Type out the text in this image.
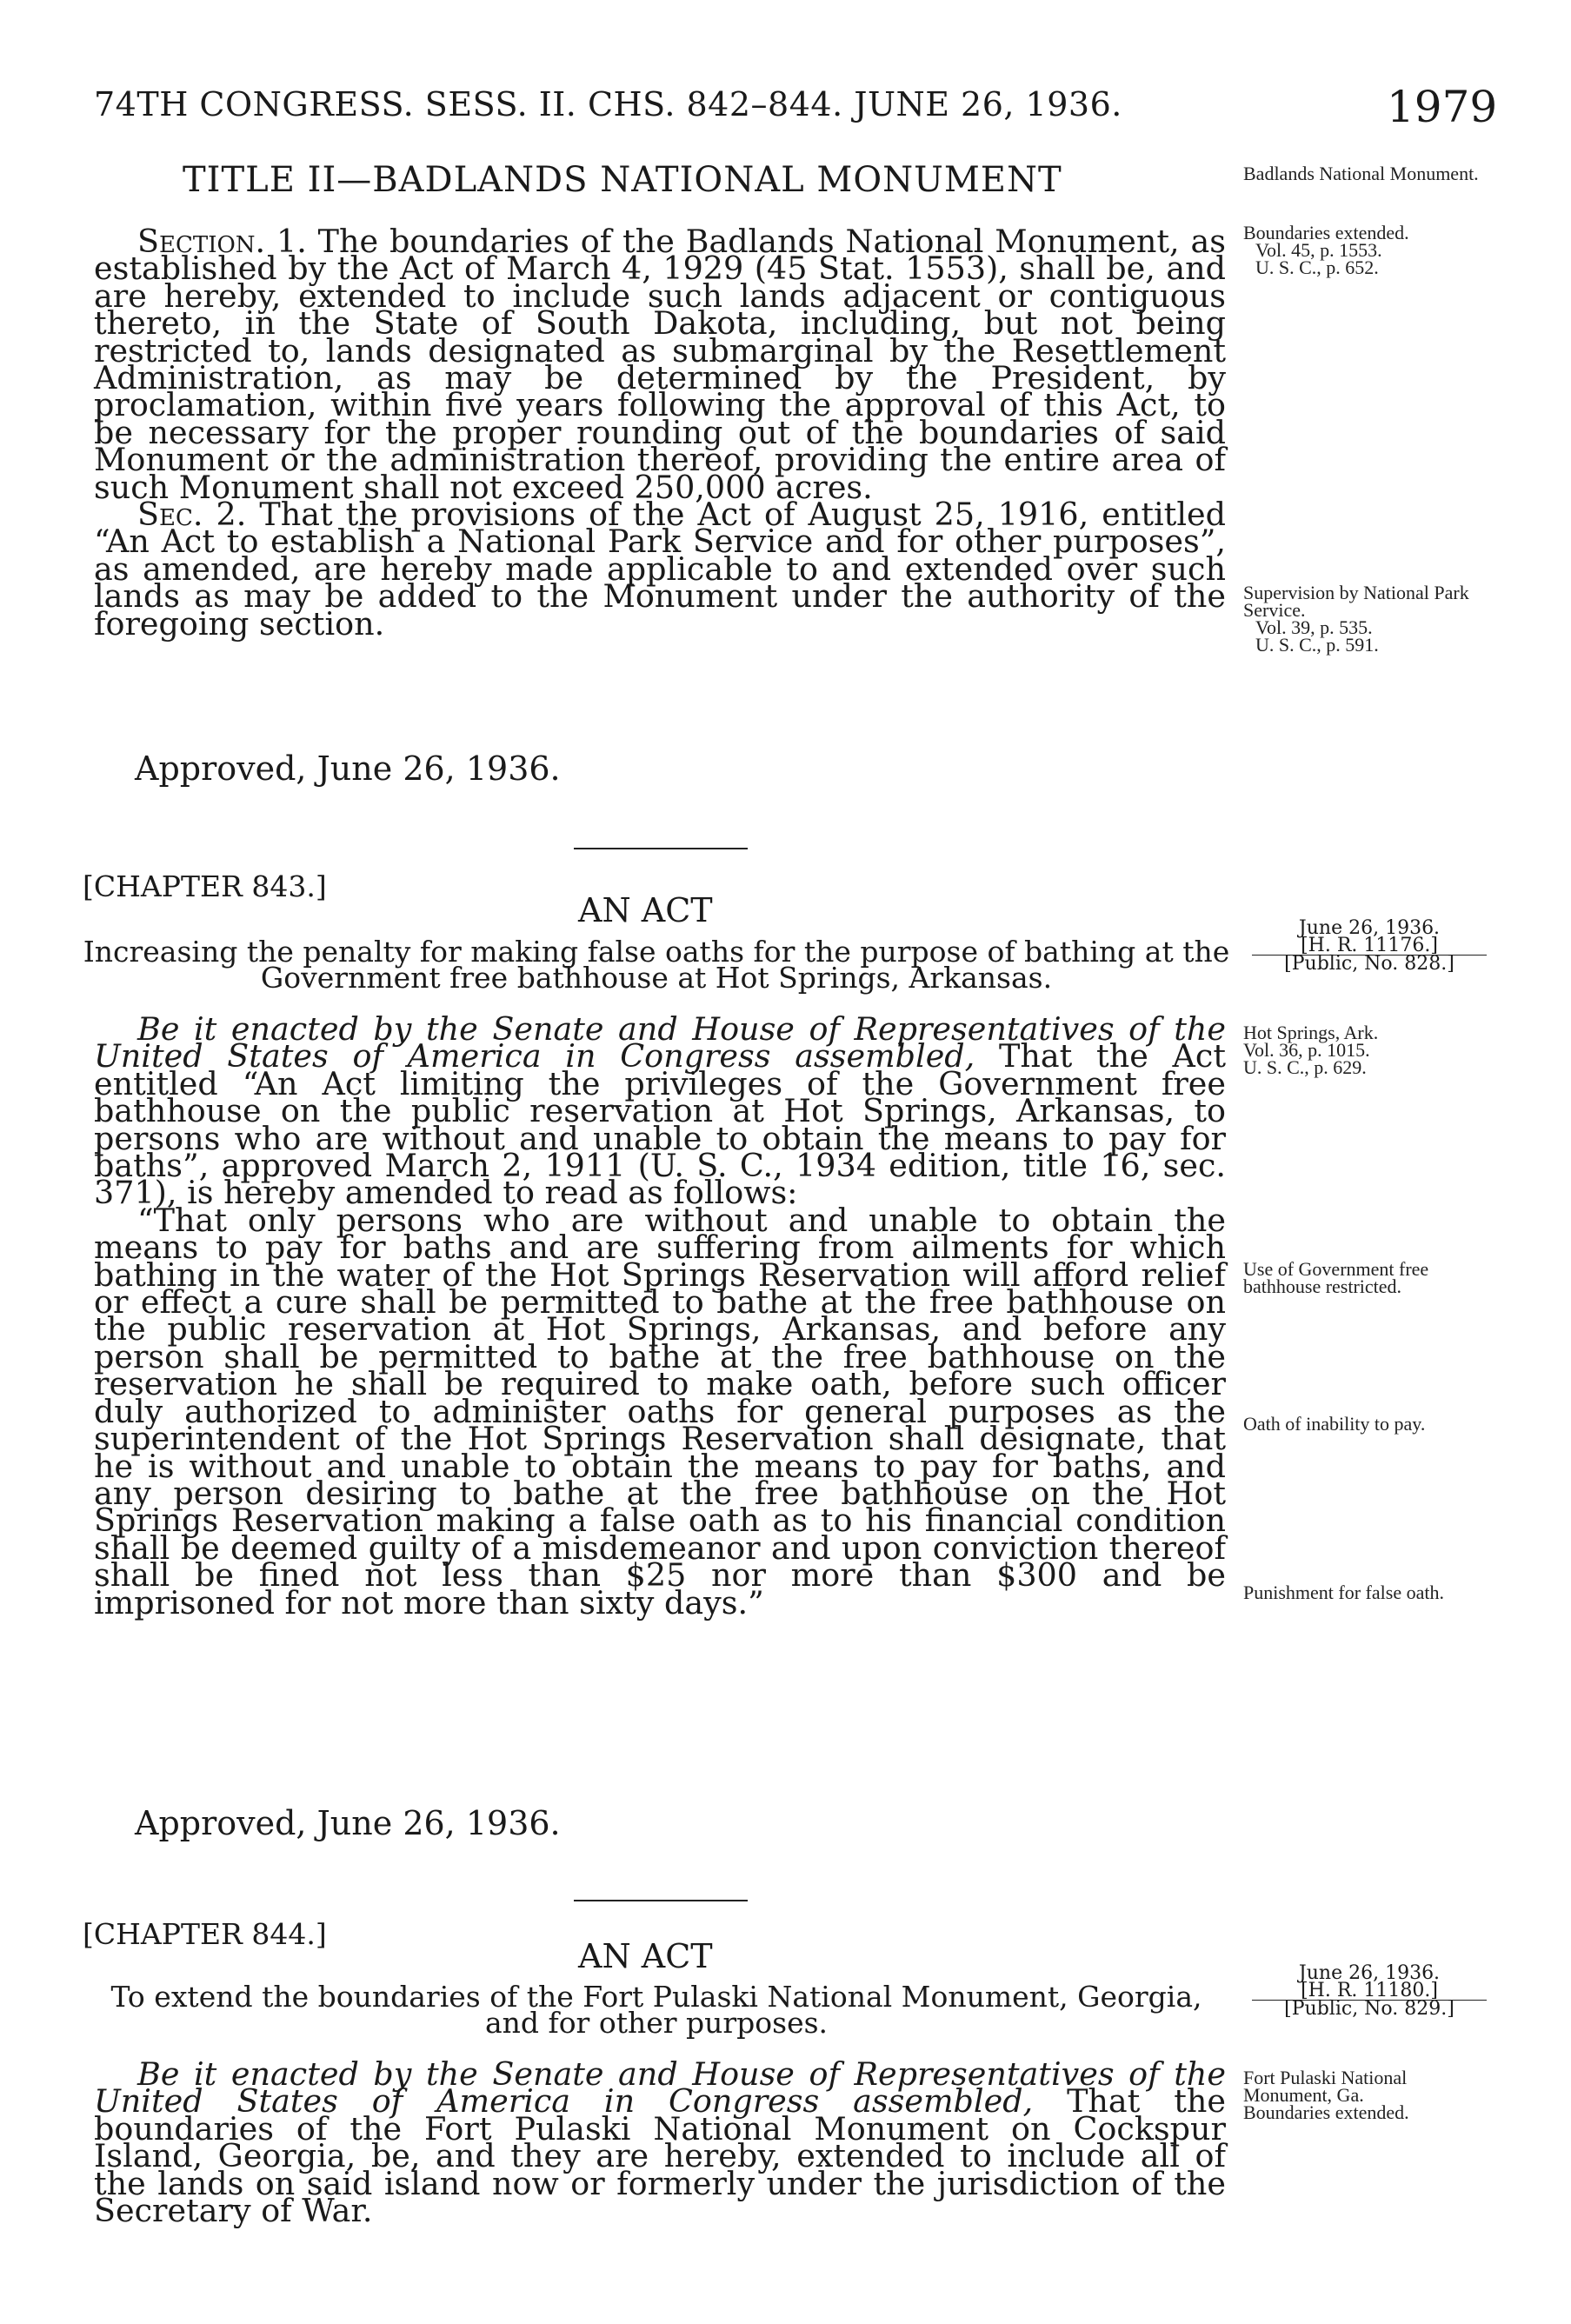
74TH CONGRESS. SESS. II. CHS. 842–844. JUNE 26, 1936.	1979
TITLE II—BADLANDS NATIONAL MONUMENT

Section. 1. The boundaries of the Badlands National Monument, as established by the Act of March 4, 1929 (45 Stat. 1553), shall be, and are hereby, extended to include such lands adjacent or contiguous thereto, in the State of South Dakota, including, but not being restricted to, lands designated as submarginal by the Resettlement Administration, as may be determined by the President, by proclamation, within five years following the approval of this Act, to be necessary for the proper rounding out of the boundaries of said Monument or the administration thereof, providing the entire area of such Monument shall not exceed 250,000 acres.

Sec. 2. That the provisions of the Act of August 25, 1916, entitled “An Act to establish a National Park Service and for other purposes”, as amended, are hereby made applicable to and extended over such lands as may be added to the Monument under the authority of the foregoing section.

Approved, June 26, 1936.
[CHAPTER 843.]
AN ACT
Increasing the penalty for making false oaths for the purpose of bathing at the Government free bathhouse at Hot Springs, Arkansas.

Be it enacted by the Senate and House of Representatives of the United States of America in Congress assembled, That the Act entitled “An Act limiting the privileges of the Government free bathhouse on the public reservation at Hot Springs, Arkansas, to persons who are without and unable to obtain the means to pay for baths”, approved March 2, 1911 (U. S. C., 1934 edition, title 16, sec. 371), is hereby amended to read as follows:

“That only persons who are without and unable to obtain the means to pay for baths and are suffering from ailments for which bathing in the water of the Hot Springs Reservation will afford relief or effect a cure shall be permitted to bathe at the free bathhouse on the public reservation at Hot Springs, Arkansas, and before any person shall be permitted to bathe at the free bathhouse on the reservation he shall be required to make oath, before such officer duly authorized to administer oaths for general purposes as the superintendent of the Hot Springs Reservation shall designate, that he is without and unable to obtain the means to pay for baths, and any person desiring to bathe at the free bathhouse on the Hot Springs Reservation making a false oath as to his financial condition shall be deemed guilty of a misdemeanor and upon conviction thereof shall be fined not less than $25 nor more than $300 and be imprisoned for not more than sixty days.”

Approved, June 26, 1936.
[CHAPTER 844.]
AN ACT
To extend the boundaries of the Fort Pulaski National Monument, Georgia, and for other purposes.

Be it enacted by the Senate and House of Representatives of the United States of America in Congress assembled, That the boundaries of the Fort Pulaski National Monument on Cockspur Island, Georgia, be, and they are hereby, extended to include all of the lands on said island now or formerly under the jurisdiction of the Secretary of War.

Badlands National Monument.
Boundaries extended.
Vol. 45, p. 1553.
U. S. C., p. 652.
Supervision by National Park Service.
Vol. 39, p. 535.
U. S. C., p. 591.
June 26, 1936.
[H. R. 11176.]
[Public, No. 828.]
Hot Springs, Ark.
Vol. 36, p. 1015.
U. S. C., p. 629.
Use of Government free bathhouse restricted.
Oath of inability to pay.
Punishment for false oath.
June 26, 1936.
[H. R. 11180.]
[Public, No. 829.]
Fort Pulaski National Monument, Ga.
Boundaries extended.
